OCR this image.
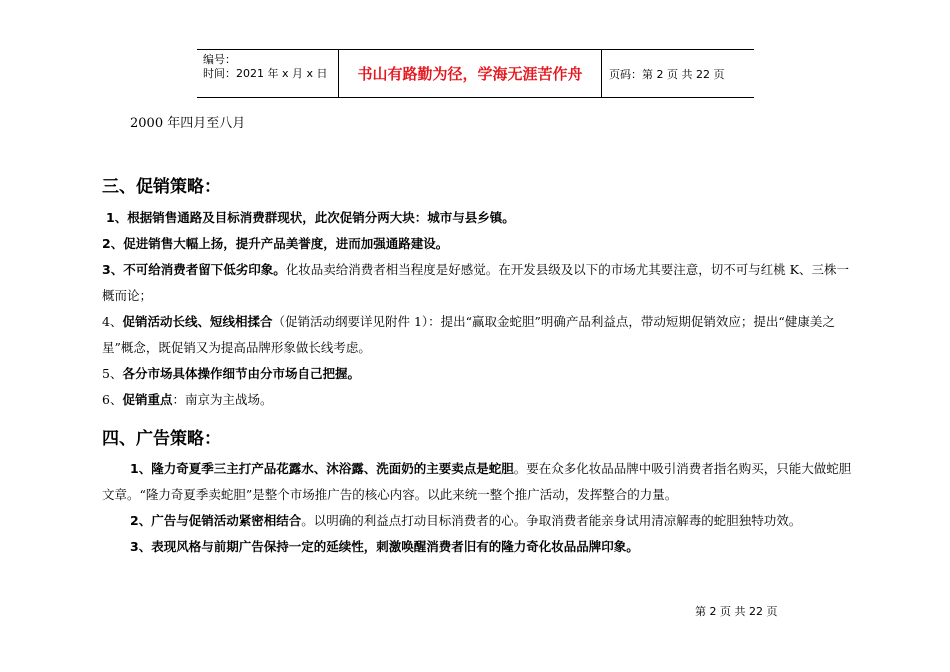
编号：
时间：2021 年 x 月 x 日	书山有路勤为径，学海无涯苦作舟	页码：第 2 页 共 22 页
2000 年四月至八月
三、促销策略：
1、根据销售通路及目标消费群现状，此次促销分两大块：城市与县乡镇。
2、促进销售大幅上扬，提升产品美誉度，进而加强通路建设。
3、不可给消费者留下低劣印象。化妆品卖给消费者相当程度是好感觉。在开发县级及以下的市场尤其要注意，切不可与红桃 K、三株一概而论；
4、促销活动长线、短线相揉合（促销活动纲要详见附件 1）：提出“赢取金蛇胆”明确产品利益点，带动短期促销效应；提出“健康美之星”概念，既促销又为提高品牌形象做长线考虑。
5、各分市场具体操作细节由分市场自己把握。
6、促销重点：南京为主战场。
四、广告策略：
1、隆力奇夏季三主打产品花露水、沐浴露、洗面奶的主要卖点是蛇胆。要在众多化妆品品牌中吸引消费者指名购买，只能大做蛇胆文章。“隆力奇夏季卖蛇胆”是整个市场推广告的核心内容。以此来统一整个推广活动，发挥整合的力量。
2、广告与促销活动紧密相结合。以明确的利益点打动目标消费者的心。争取消费者能亲身试用清凉解毒的蛇胆独特功效。
3、表现风格与前期广告保持一定的延续性，刺激唤醒消费者旧有的隆力奇化妆品品牌印象。
第 2 页 共 22 页
